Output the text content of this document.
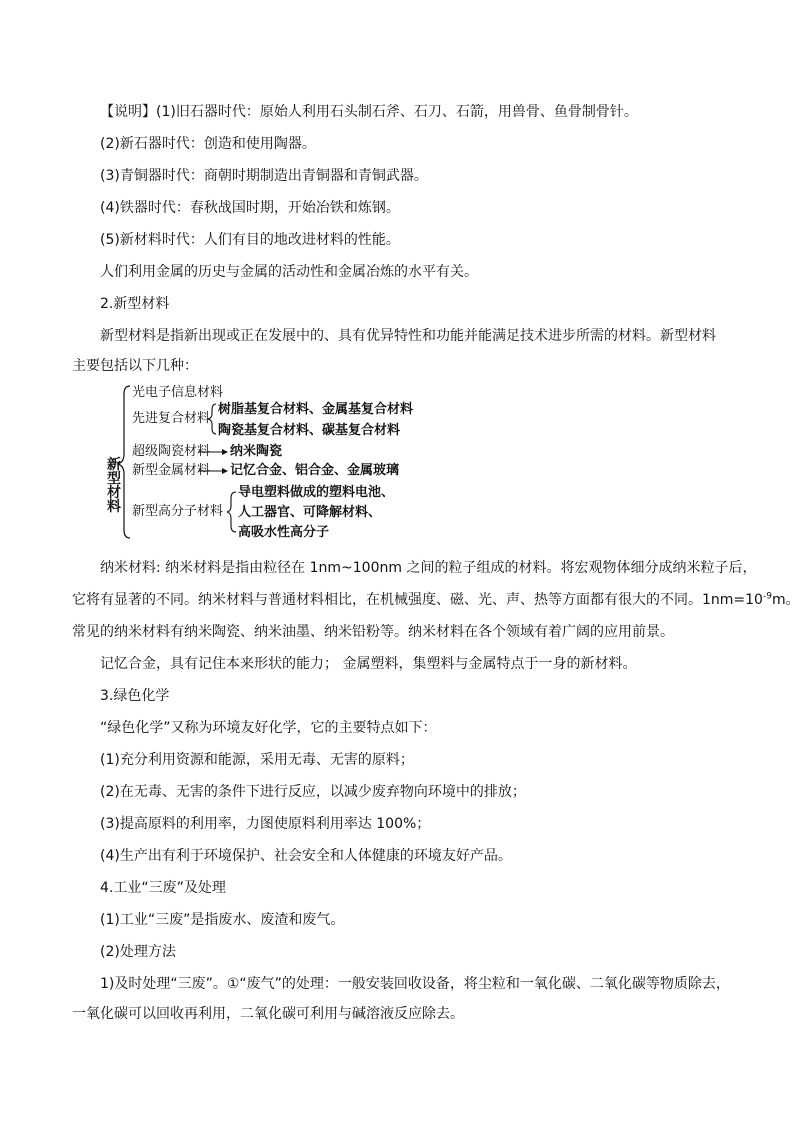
【说明】(1)旧石器时代：原始人利用石头制石斧、石刀、石箭，用兽骨、鱼骨制骨针。
(2)新石器时代：创造和使用陶器。
(3)青铜器时代：商朝时期制造出青铜器和青铜武器。
(4)铁器时代：春秋战国时期，开始冶铁和炼钢。
(5)新材料时代：人们有目的地改进材料的性能。
人们利用金属的历史与金属的活动性和金属冶炼的水平有关。
2.新型材料
新型材料是指新出现或正在发展中的、具有优异特性和功能并能满足技术进步所需的材料。新型材料
主要包括以下几种：
新
型
材
料
光电子信息材料
先进复合材料
树脂基复合材料、金属基复合材料
陶瓷基复合材料、碳基复合材料
超级陶瓷材料 纳米陶瓷
新型金属材料 记忆合金、铝合金、金属玻璃
新型高分子材料
导电塑料做成的塑料电池、
人工器官、可降解材料、
高吸水性高分子
纳米材料: 纳米材料是指由粒径在 1nm~100nm 之间的粒子组成的材料。将宏观物体细分成纳米粒子后，
它将有显著的不同。纳米材料与普通材料相比，在机械强度、磁、光、声、热等方面都有很大的不同。$1nm=10^{-9}m$。
常见的纳米材料有纳米陶瓷、纳米油墨、纳米铅粉等。纳米材料在各个领域有着广阔的应用前景。
记忆合金，具有记住本来形状的能力； 金属塑料，集塑料与金属特点于一身的新材料。
3.绿色化学
“绿色化学”又称为环境友好化学，它的主要特点如下：
(1)充分利用资源和能源，采用无毒、无害的原料；
(2)在无毒、无害的条件下进行反应，以减少废弃物向环境中的排放；
(3)提高原料的利用率，力图使原料利用率达 100%；
(4)生产出有利于环境保护、社会安全和人体健康的环境友好产品。
4.工业“三废”及处理
(1)工业“三废”是指废水、废渣和废气。
(2)处理方法
1)及时处理“三废”。①“废气”的处理：一般安装回收设备，将尘粒和一氧化碳、二氧化碳等物质除去，
一氧化碳可以回收再利用，二氧化碳可利用与碱溶液反应除去。
